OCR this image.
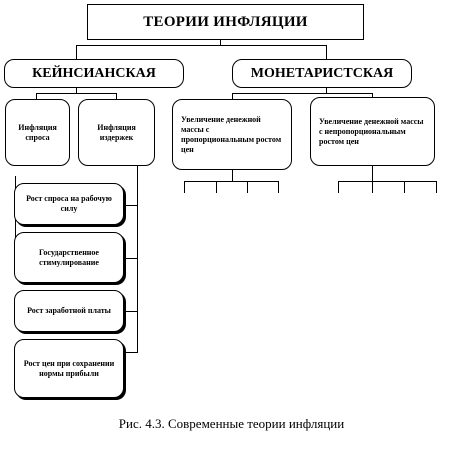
ТЕОРИИ ИНФЛЯЦИИ
КЕЙНСИАНСКАЯ	МОНЕТАРИСТСКАЯ
Инфляция спроса
Инфляция издержек
Увеличение денежной массы с пропорциональным ростом цен
Увеличение денежной массы с непропорциональным ростом цен
Рост спроса на рабочую силу
Государственное стимулирование
Рост заработной платы
Рост цен при сохранении нормы прибыли
Рис. 4.3. Современные теории инфляции
